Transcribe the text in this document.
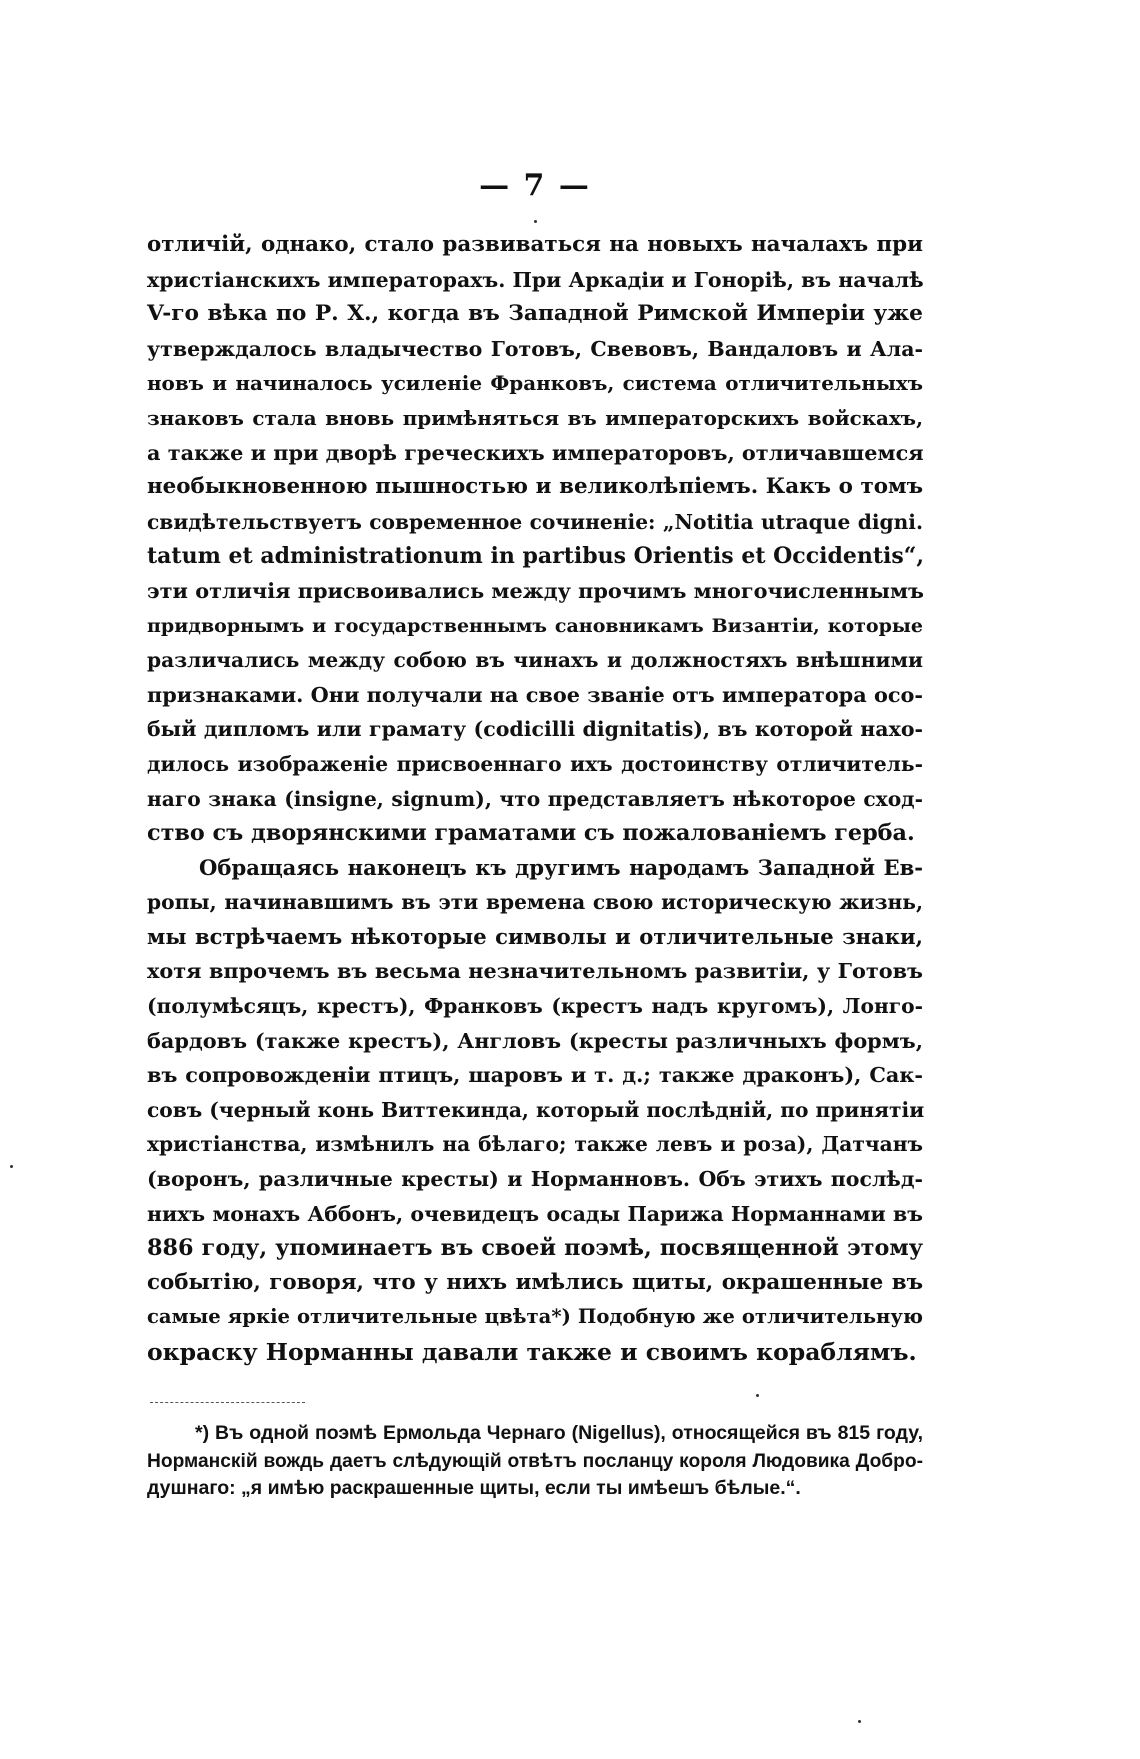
— 7 —
отличій, однако, стало развиваться на новыхъ началахъ при
христіанскихъ императорахъ. При Аркадіи и Гоноріѣ, въ началѣ
V-го вѣка по Р. Х., когда въ Западной Римской Имперіи уже
утверждалось владычество Готовъ, Свевовъ, Вандаловъ и Ала-
новъ и начиналось усиленіе Франковъ, система отличительныхъ
знаковъ стала вновь примѣняться въ императорскихъ войскахъ,
а также и при дворѣ греческихъ императоровъ, отличавшемся
необыкновенною пышностью и великолѣпіемъ. Какъ о томъ
свидѣтельствуетъ современное сочиненіе: „Notitia utraque digni.
tatum et administrationum in partibus Orientis et Occidentis“,
эти отличія присвоивались между прочимъ многочисленнымъ
придворнымъ и государственнымъ сановникамъ Византіи, которые
различались между собою въ чинахъ и должностяхъ внѣшними
признаками. Они получали на свое званіе отъ императора осо-
бый дипломъ или грамату (codicilli dignitatis), въ которой нахо-
дилось изображеніе присвоеннаго ихъ достоинству отличитель-
наго знака (insigne, signum), что представляетъ нѣкоторое сход-
ство съ дворянскими граматами съ пожалованіемъ герба.
Обращаясь наконецъ къ другимъ народамъ Западной Ев-
ропы, начинавшимъ въ эти времена свою историческую жизнь,
мы встрѣчаемъ нѣкоторые символы и отличительные знаки,
хотя впрочемъ въ весьма незначительномъ развитіи, у Готовъ
(полумѣсяцъ, крестъ), Франковъ (крестъ надъ кругомъ), Лонго-
бардовъ (также крестъ), Англовъ (кресты различныхъ формъ,
въ сопровожденіи птицъ, шаровъ и т. д.; также драконъ), Сак-
совъ (черный конь Виттекинда, который послѣдній, по принятіи
христіанства, измѣнилъ на бѣлаго; также левъ и роза), Датчанъ
(воронъ, различные кресты) и Норманновъ. Объ этихъ послѣд-
нихъ монахъ Аббонъ, очевидецъ осады Парижа Норманнами въ
886 году, упоминаетъ въ своей поэмѣ, посвященной этому
событію, говоря, что у нихъ имѣлись щиты, окрашенные въ
самые яркіе отличительные цвѣта*) Подобную же отличительную
окраску Норманны давали также и своимъ кораблямъ.
*) Въ одной поэмѣ Ермольда Чернаго (Nigellus), относящейся въ 815 году,
Норманскій вождь даетъ слѣдующій отвѣтъ посланцу короля Людовика Добро-
душнаго: „я имѣю раскрашенные щиты, если ты имѣешъ бѣлые.“.
